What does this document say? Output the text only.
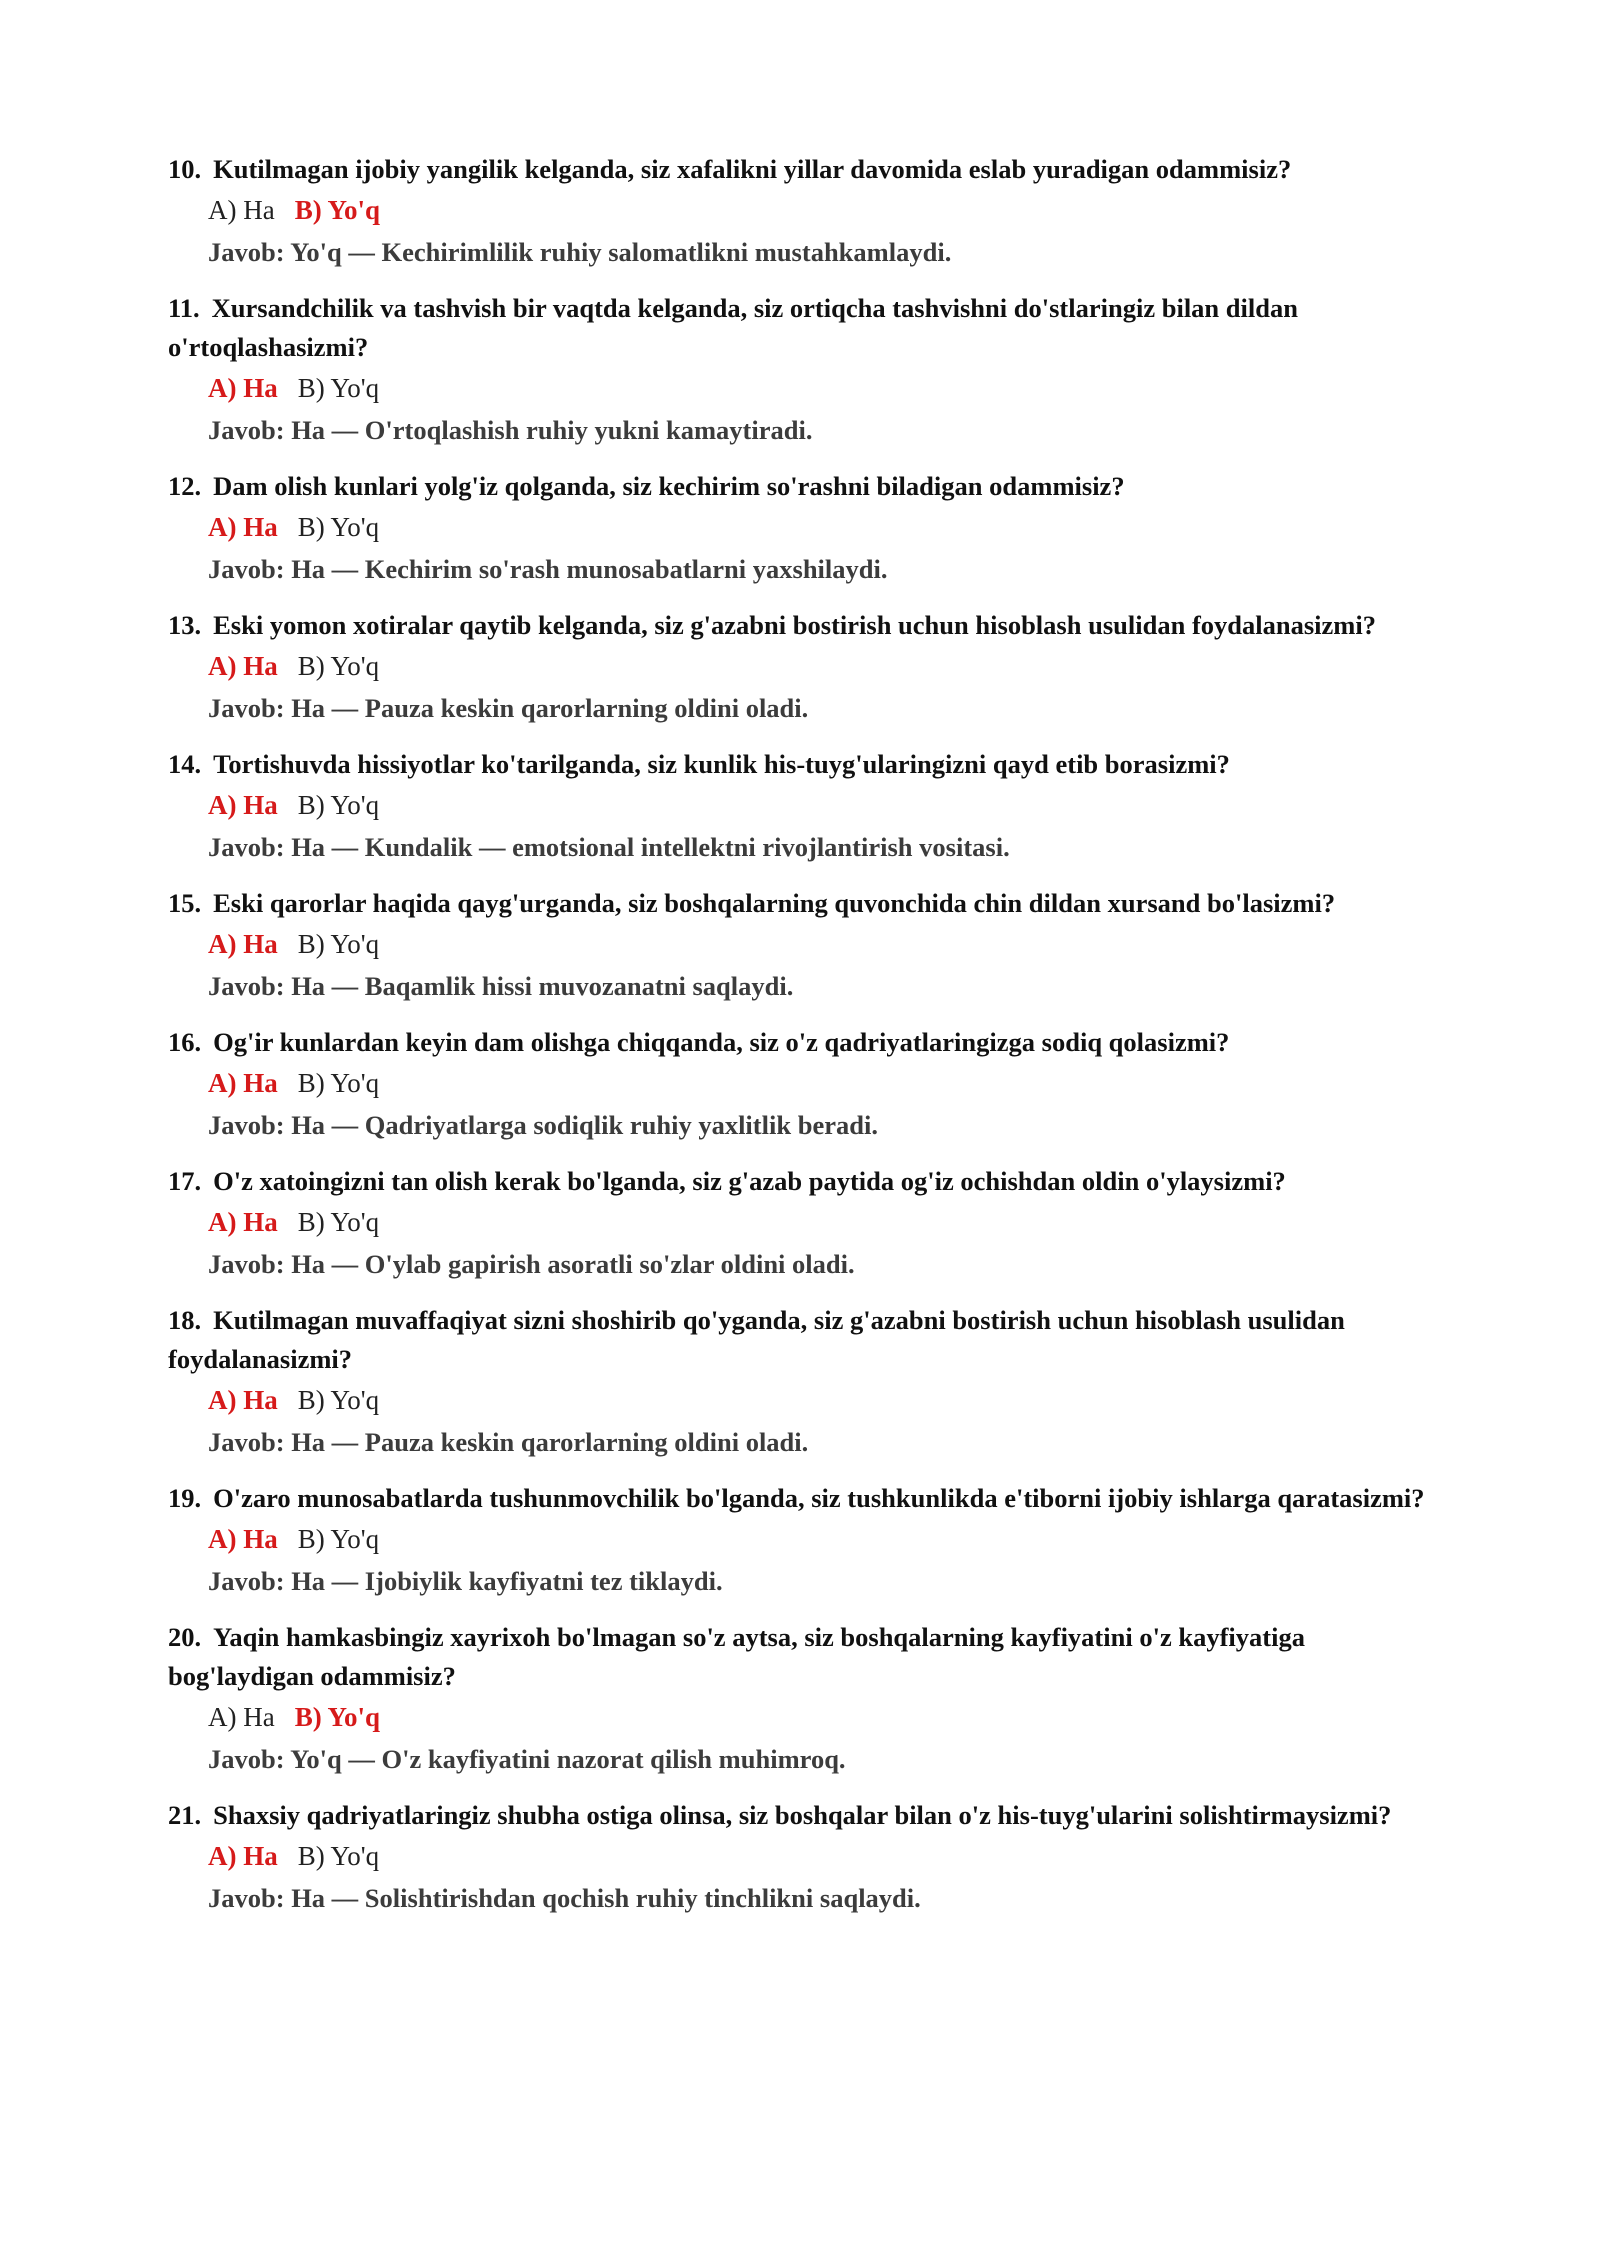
10. Kutilmagan ijobiy yangilik kelganda, siz xafalikni yillar davomida eslab yuradigan odammisiz?
A) Ha B) Yo'q
Javob: Yo'q — Kechirimlilik ruhiy salomatlikni mustahkamlaydi.
11. Xursandchilik va tashvish bir vaqtda kelganda, siz ortiqcha tashvishni do'stlaringiz bilan dildan o'rtoqlashasizmi?
A) Ha B) Yo'q
Javob: Ha — O'rtoqlashish ruhiy yukni kamaytiradi.
12. Dam olish kunlari yolg'iz qolganda, siz kechirim so'rashni biladigan odammisiz?
A) Ha B) Yo'q
Javob: Ha — Kechirim so'rash munosabatlarni yaxshilaydi.
13. Eski yomon xotiralar qaytib kelganda, siz g'azabni bostirish uchun hisoblash usulidan foydalanasizmi?
A) Ha B) Yo'q
Javob: Ha — Pauza keskin qarorlarning oldini oladi.
14. Tortishuvda hissiyotlar ko'tarilganda, siz kunlik his-tuyg'ularingizni qayd etib borasizmi?
A) Ha B) Yo'q
Javob: Ha — Kundalik — emotsional intellektni rivojlantirish vositasi.
15. Eski qarorlar haqida qayg'urganda, siz boshqalarning quvonchida chin dildan xursand bo'lasizmi?
A) Ha B) Yo'q
Javob: Ha — Baqamlik hissi muvozanatni saqlaydi.
16. Og'ir kunlardan keyin dam olishga chiqqanda, siz o'z qadriyatlaringizga sodiq qolasizmi?
A) Ha B) Yo'q
Javob: Ha — Qadriyatlarga sodiqlik ruhiy yaxlitlik beradi.
17. O'z xatoingizni tan olish kerak bo'lganda, siz g'azab paytida og'iz ochishdan oldin o'ylaysizmi?
A) Ha B) Yo'q
Javob: Ha — O'ylab gapirish asoratli so'zlar oldini oladi.
18. Kutilmagan muvaffaqiyat sizni shoshirib qo'yganda, siz g'azabni bostirish uchun hisoblash usulidan foydalanasizmi?
A) Ha B) Yo'q
Javob: Ha — Pauza keskin qarorlarning oldini oladi.
19. O'zaro munosabatlarda tushunmovchilik bo'lganda, siz tushkunlikda e'tiborni ijobiy ishlarga qaratasizmi?
A) Ha B) Yo'q
Javob: Ha — Ijobiylik kayfiyatni tez tiklaydi.
20. Yaqin hamkasbingiz xayrixoh bo'lmagan so'z aytsa, siz boshqalarning kayfiyatini o'z kayfiyatiga bog'laydigan odammisiz?
A) Ha B) Yo'q
Javob: Yo'q — O'z kayfiyatini nazorat qilish muhimroq.
21. Shaxsiy qadriyatlaringiz shubha ostiga olinsa, siz boshqalar bilan o'z his-tuyg'ularini solishtirmaysizmi?
A) Ha B) Yo'q
Javob: Ha — Solishtirishdan qochish ruhiy tinchlikni saqlaydi.
